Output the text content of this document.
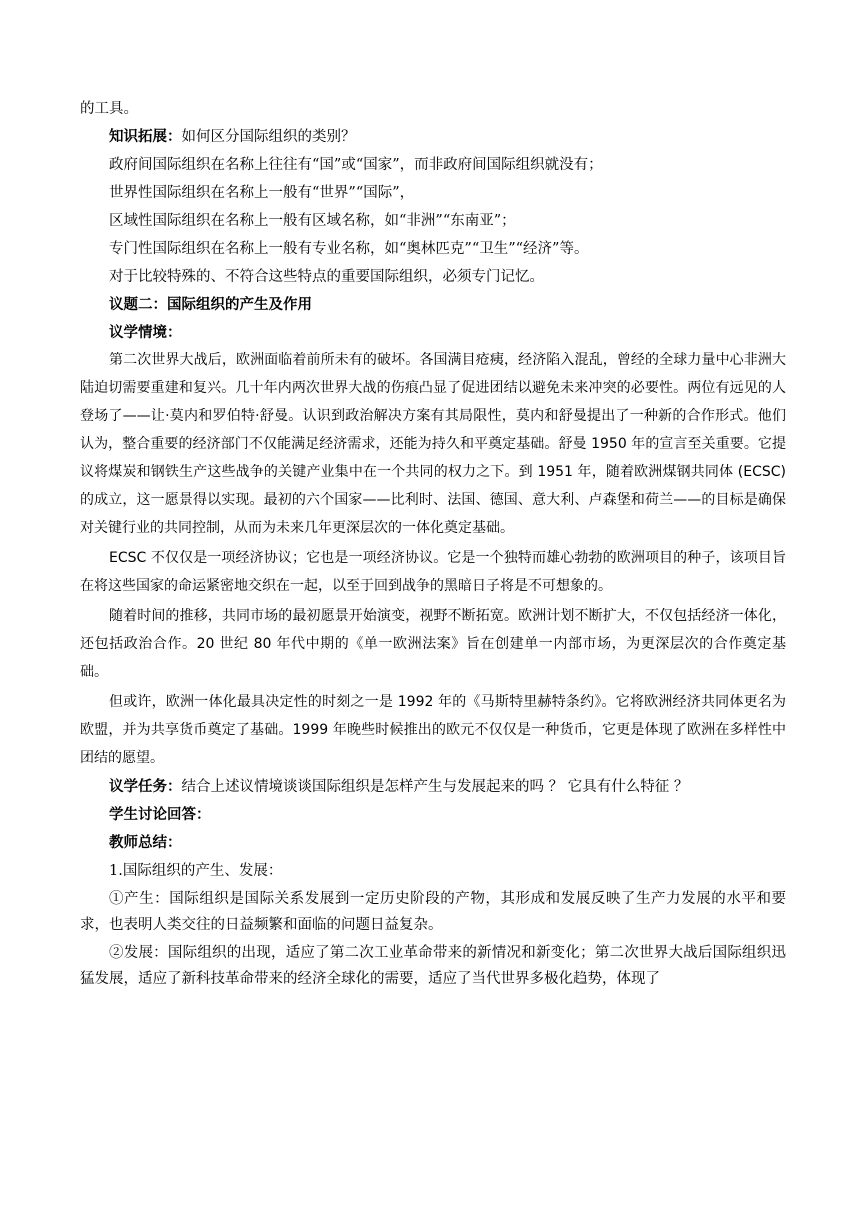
的工具。

知识拓展：如何区分国际组织的类别？

政府间国际组织在名称上往往有“国”或“国家”，而非政府间国际组织就没有；

世界性国际组织在名称上一般有“世界”“国际”，

区域性国际组织在名称上一般有区域名称，如“非洲”“东南亚”；

专门性国际组织在名称上一般有专业名称，如“奥林匹克”“卫生”“经济”等。

对于比较特殊的、不符合这些特点的重要国际组织，必须专门记忆。

议题二：国际组织的产生及作用

议学情境：

第二次世界大战后，欧洲面临着前所未有的破坏。各国满目疮痍，经济陷入混乱，曾经的全球力量中心非洲大陆迫切需要重建和复兴。几十年内两次世界大战的伤痕凸显了促进团结以避免未来冲突的必要性。两位有远见的人登场了——让·莫内和罗伯特·舒曼。认识到政治解决方案有其局限性，莫内和舒曼提出了一种新的合作形式。他们认为，整合重要的经济部门不仅能满足经济需求，还能为持久和平奠定基础。舒曼 1950 年的宣言至关重要。它提议将煤炭和钢铁生产这些战争的关键产业集中在一个共同的权力之下。到 1951 年，随着欧洲煤钢共同体 (ECSC) 的成立，这一愿景得以实现。最初的六个国家——比利时、法国、德国、意大利、卢森堡和荷兰——的目标是确保对关键行业的共同控制，从而为未来几年更深层次的一体化奠定基础。

ECSC 不仅仅是一项经济协议；它也是一项经济协议。它是一个独特而雄心勃勃的欧洲项目的种子，该项目旨在将这些国家的命运紧密地交织在一起，以至于回到战争的黑暗日子将是不可想象的。

随着时间的推移，共同市场的最初愿景开始演变，视野不断拓宽。欧洲计划不断扩大，不仅包括经济一体化，还包括政治合作。20 世纪 80 年代中期的《单一欧洲法案》旨在创建单一内部市场，为更深层次的合作奠定基础。

但或许，欧洲一体化最具决定性的时刻之一是 1992 年的《马斯特里赫特条约》。它将欧洲经济共同体更名为欧盟，并为共享货币奠定了基础。1999 年晚些时候推出的欧元不仅仅是一种货币，它更是体现了欧洲在多样性中团结的愿望。

议学任务：结合上述议情境谈谈国际组织是怎样产生与发展起来的吗 ？ 它具有什么特征 ？

学生讨论回答：

教师总结：

1.国际组织的产生、发展：

①产生：国际组织是国际关系发展到一定历史阶段的产物，其形成和发展反映了生产力发展的水平和要求，也表明人类交往的日益频繁和面临的问题日益复杂。

②发展：国际组织的出现，适应了第二次工业革命带来的新情况和新变化；第二次世界大战后国际组织迅猛发展，适应了新科技革命带来的经济全球化的需要，适应了当代世界多极化趋势，体现了
